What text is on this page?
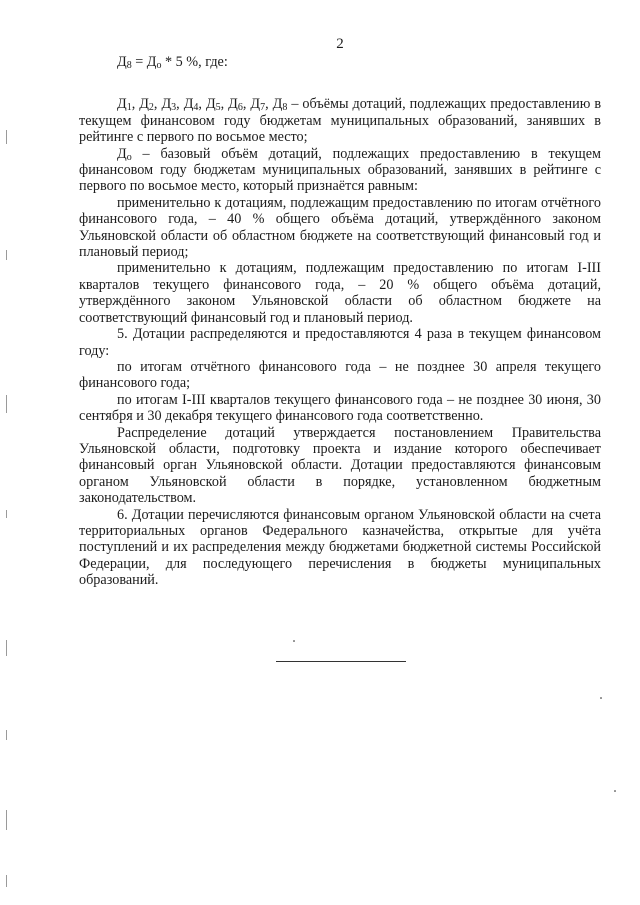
2

$Д_8 = Д_о * 5$ %, где:

$Д_1$, $Д_2$, $Д_3$, $Д_4$, $Д_5$, $Д_6$, $Д_7$, $Д_8$ – объёмы дотаций, подлежащих предоставлению в текущем финансовом году бюджетам муниципальных образований, занявших в рейтинге с первого по восьмое место;

$Д_о$ – базовый объём дотаций, подлежащих предоставлению в текущем финансовом году бюджетам муниципальных образований, занявших в рейтинге с первого по восьмое место, который признаётся равным:

применительно к дотациям, подлежащим предоставлению по итогам отчётного финансового года, – 40 % общего объёма дотаций, утверждённого законом Ульяновской области об областном бюджете на соответствующий финансовый год и плановый период;

применительно к дотациям, подлежащим предоставлению по итогам I-III кварталов текущего финансового года, – 20 % общего объёма дотаций, утверждённого законом Ульяновской области об областном бюджете на соответствующий финансовый год и плановый период.

5. Дотации распределяются и предоставляются 4 раза в текущем финансовом году:

по итогам отчётного финансового года – не позднее 30 апреля текущего финансового года;

по итогам I-III кварталов текущего финансового года – не позднее 30 июня, 30 сентября и 30 декабря текущего финансового года соответственно.

Распределение дотаций утверждается постановлением Правительства Ульяновской области, подготовку проекта и издание которого обеспечивает финансовый орган Ульяновской области. Дотации предоставляются финансовым органом Ульяновской области в порядке, установленном бюджетным законодательством.

6. Дотации перечисляются финансовым органом Ульяновской области на счета территориальных органов Федерального казначейства, открытые для учёта поступлений и их распределения между бюджетами бюджетной системы Российской Федерации, для последующего перечисления в бюджеты муниципальных образований.
